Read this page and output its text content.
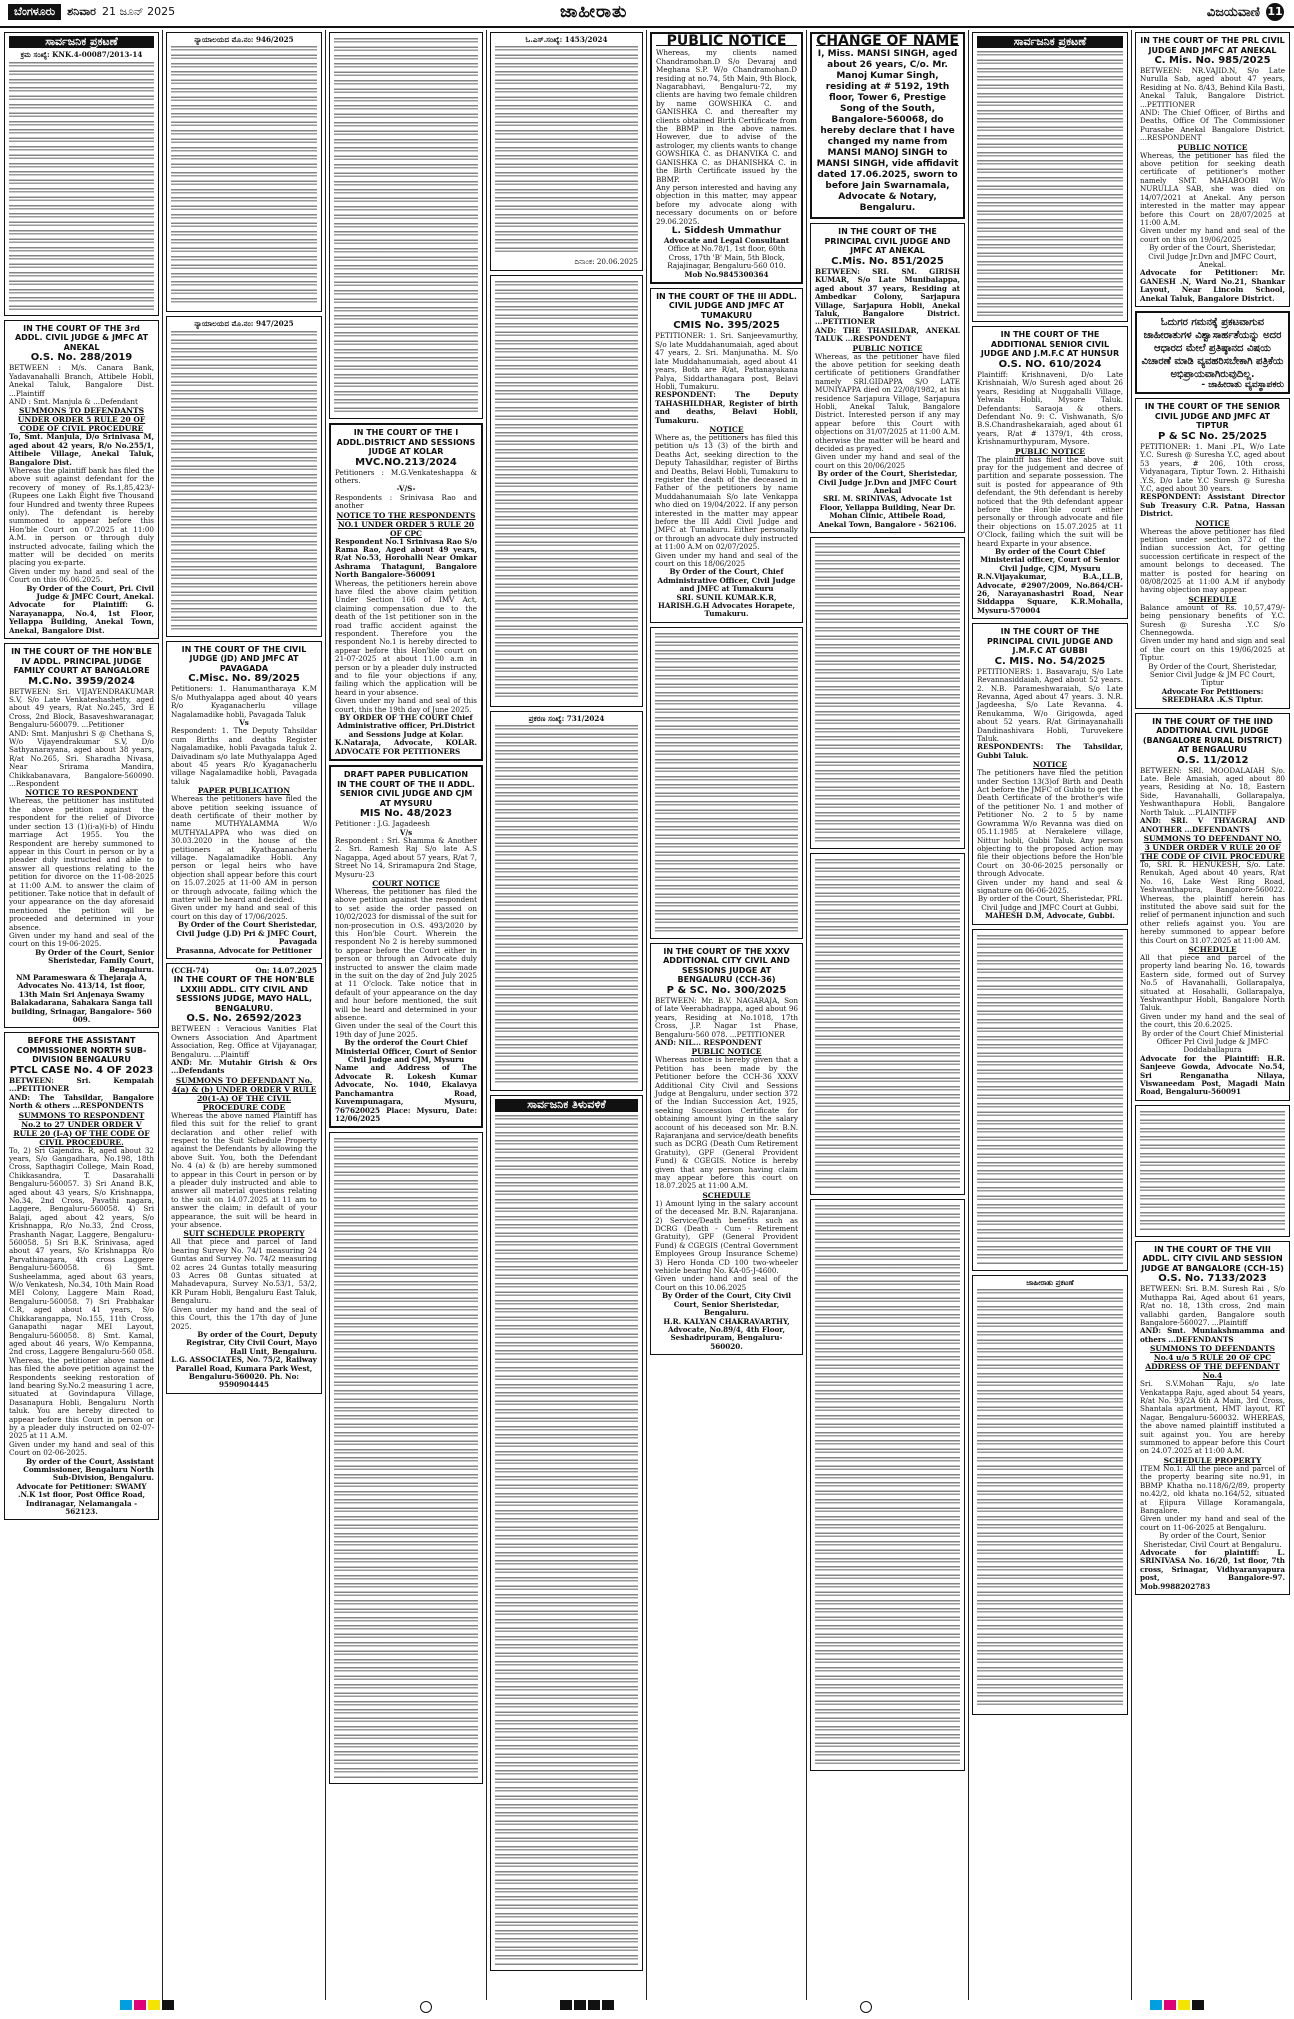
ಬೆಂಗಳೂರು	ಶನಿವಾರ 21 ಜೂನ್ 2025	ಜಾಹೀರಾತು	ವಿಜಯವಾಣಿ 11
ಸಾರ್ವಜನಿಕ ಪ್ರಕಟಣೆ
ಕ್ರಮ ಸಂಖ್ಯೆ: KNK.4-00087/2013-14
IN THE COURT OF THE 3rd ADDL. CIVIL JUDGE & JMFC AT ANEKAL
O.S. No. 288/2019
BETWEEN : M/s. Canara Bank, Yadavanahalli Branch, Attibele Hobli, Anekal Taluk, Bangalore Dist. ...Plaintiff
AND : Smt. Manjula & ...Defendant
SUMMONS TO DEFENDANTS UNDER ORDER 5 RULE 20 OF CODE OF CIVIL PROCEDURE
To, Smt. Manjula, D/o Srinivasa M, aged about 42 years, R/o No.255/1, Attibele Village, Anekal Taluk, Bangalore Dist.
Whereas the plaintiff bank has filed the above suit against defendant for the recovery of money of Rs.1,85,423/- (Rupees one Lakh Eight five Thousand four Hundred and twenty three Rupees only). The defendant is hereby summoned to appear before this Hon'ble Court on 07.2025 at 11:00 A.M. in person or through duly instructed advocate, failing which the matter will be decided on merits placing you ex-parte.
Given under my hand and seal of the Court on this 06.06.2025.
By Order of the Court, Pri. Civil Judge & JMFC Court, Anekal.
Advocate for Plaintiff: G. Narayanappa, No.4, 1st Floor, Yellappa Building, Anekal Town, Anekal, Bangalore Dist.
IN THE COURT OF THE HON'BLE IV ADDL. PRINCIPAL JUDGE FAMILY COURT AT BANGALORE
M.C.No. 3959/2024
BETWEEN: Sri. VIJAYENDRAKUMAR S.V, S/o Late Venkateshashetty, aged about 49 years, R/at No.245, 3rd E Cross, 2nd Block, Basaveshwaranagar, Bengaluru-560079. ...Petitioner
AND: Smt. Manjushri S @ Chethana S, W/o Vijayendrakumar S.V, D/o Sathyanarayana, aged about 38 years, R/at No.265, Sri. Sharadha Nivasa, Near Srirama Mandira, Chikkabanavara, Bangalore-560090. ...Respondent
NOTICE TO RESPONDENT
Whereas, the petitioner has instituted the above petition against the respondent for the relief of Divorce under section 13 (1)(i-a)(i-b) of Hindu marriage Act 1955. You the Respondent are hereby summoned to appear in this Court in person or by a pleader duly instructed and able to answer all questions relating to the petition for divorce on the 11-08-2025 at 11:00 A.M. to answer the claim of petitioner. Take notice that in default of your appearance on the day aforesaid mentioned the petition will be proceeded and determined in your absence.
Given under my hand and seal of the court on this 19-06-2025.
By Order of the Court, Senior Sheristedar, Family Court, Bengaluru.
NM Parameswara & Thejaraja A, Advocates No. 413/14, 1st floor, 13th Main Sri Anjenaya Swamy Balakadarana, Sahakara Sanga tall building, Srinagar, Bangalore- 560 009.
BEFORE THE ASSISTANT COMMISSIONER NORTH SUB-DIVISION BENGALURU
PTCL CASE No. 4 OF 2023
BETWEEN: Sri. Kempaiah ...PETITIONER
AND: The Tahsildar, Bangalore North & others ...RESPONDENTS
SUMMONS TO RESPONDENT No.2 to 27 UNDER ORDER V RULE 20 (I-A) OF THE CODE OF CIVIL PROCEDURE.
To, 2) Sri Gajendra. R, aged about 32 years, S/o Gangadhara, No.198, 18th Cross, Sapthagiri College, Main Road, Chikkasandra, T. Dasarahalli Bengaluru-560057. 3) Sri Anand B.K, aged about 43 years, S/o Krishnappa, No.34, 2nd Cross, Pavathi nagara, Laggere, Bengaluru-560058. 4) Sri Balaji, aged about 42 years, S/o Krishnappa, R/o No.33, 2nd Cross, Prashanth Nagar, Laggere, Bengaluru-560058. 5) Sri B.K. Srinivasa, aged about 47 years, S/o Krishnappa R/o Parvathinagara, 4th cross Laggere Bengaluru-560058. 6) Smt. Susheelamma, aged about 63 years, W/o Venkatesh, No.34, 10th Main Road MEI Colony, Laggere Main Road, Bengaluru-560058. 7) Sri Prabhakar C.R, aged about 41 years, S/o Chikkarangappa, No.155, 11th Cross, Ganapathi nagar MEI Layout, Bengaluru-560058. 8) Smt. Kamal, aged about 46 years, W/o Kempanna, 2nd cross, Laggere Bengaluru-560 058. Whereas, the petitioner above named has filed the above petition against the Respondents seeking restoration of land bearing Sy.No.2 measuring 1 acre, situated at Govindapura Village, Dasanapura Hobli, Bengaluru North taluk. You are hereby directed to appear before this Court in person or by a pleader duly instructed on 02-07-2025 at 11 A.M.
Given under my hand and seal of this Court on 02-06-2025.
By order of the Court, Assistant Commissioner, Bengaluru North Sub-Division, Bengaluru.
Advocate for Petitioner: SWAMY .N.K 1st floor, Post Office Road, Indiranagar, Nelamangala - 562123.
ನ್ಯಾಯಾಲಯದ ಮೊ.ನಂ: 946/2025
ನ್ಯಾಯಾಲಯದ ಮೊ.ನಂ: 947/2025
IN THE COURT OF THE CIVIL JUDGE (JD) AND JMFC AT PAVAGADA
C.Misc. No. 89/2025
Petitioners: 1. Hanumantharaya K.M S/o Muthyalappa aged about 40 years R/o Kyaganacherlu village Nagalamadike hobli, Pavagada Taluk
Vs
Respondent: 1. The Deputy Tahsildar cum Births and deaths Register Nagalamadike, hobli Pavagada taluk 2. Daivadinam s/o late Muthyalappa Aged about 45 years R/o Kyaganacherlu village Nagalamadike hobli, Pavagada taluk
PAPER PUBLICATION
Whereas the petitioners have filed the above petition seeking issuance of death certificate of their mother by name MUTHYALAMMA W/o MUTHYALAPPA who was died on 30.03.2020 in the house of the petitioners at Kyathaganacherlu village. Nagalamadike Hobli. Any person or legal heirs who have objection shall appear before this court on 15.07.2025 at 11-00 AM in person or through advocate, failing which the matter will be heard and decided.
Given under my hand and seal of this court on this day of 17/06/2025.
By Order of the Court Sheristedar, Civil Judge (J.D) Pri & JMFC Court, Pavagada
Prasanna, Advocate for Petitioner
(CCH-74)	On: 14.07.2025
IN THE COURT OF THE HON'BLE LXXIII ADDL. CITY CIVIL AND SESSIONS JUDGE, MAYO HALL, BENGALURU.
O.S. No. 26592/2023
BETWEEN : Veracious Vanities Flat Owners Association And Apartment Association, Reg. Office at Vijayanagar, Bengaluru. ...Plaintiff
AND: Mr. Mutahir Girish & Ors ...Defendants
SUMMONS TO DEFENDANT No. 4(a) & (b) UNDER ORDER V RULE 20(1-A) OF THE CIVIL PROCEDURE CODE
Whereas the above named Plaintiff has filed this suit for the relief to grant declaration and other relief with respect to the Suit Schedule Property against the Defendants by allowing the above Suit. You, both the Defendant No. 4 (a) & (b) are hereby summoned to appear in this Court in person or by a pleader duly instructed and able to answer all material questions relating to the suit on 14.07.2025 at 11 am to answer the claim; in default of your appearance, the suit will be heard in your absence.
SUIT SCHEDULE PROPERTY
All that piece and parcel of land bearing Survey No. 74/1 measuring 24 Guntas and Survey No. 74/2 measuring 02 acres 24 Guntas totally measuring 03 Acres 08 Guntas situated at Mahadevapura, Survey No.53/1, 53/2, KR Puram Hobli, Bengaluru East Taluk, Bengaluru.
Given under my hand and the seal of this Court, this the 17th day of June 2025.
By order of the Court, Deputy Registrar, City Civil Court, Mayo Hall Unit, Bengaluru.
L.G. ASSOCIATES, No. 75/2, Railway Parallel Road, Kumara Park West, Bengaluru-560020. Ph. No: 9590904445
IN THE COURT OF THE I ADDL.DISTRICT AND SESSIONS JUDGE AT KOLAR
MVC.NO.213/2024
Petitioners : M.G.Venkateshappa & others.
-V/S-
Respondents : Srinivasa Rao and another
NOTICE TO THE RESPONDENTS NO.1 UNDER ORDER 5 RULE 20 OF CPC
Respondent No.1 Srinivasa Rao S/o Rama Rao, Aged about 49 years, R/at No.53, Horohalli Near Omkar Ashrama Thataguni, Bangalore North Bangalore-560091
Whereas, the petitioners herein above have filed the above claim petition Under Section 166 of IMV Act, claiming compensation due to the death of the 1st petitioner son in the road traffic accident against the respondent. Therefore you the respondent No.1 is hereby directed to appear before this Hon'ble court on 21-07-2025 at about 11.00 a.m in person or by a pleader duly instructed and to file your objections if any, failing which the application will be heard in your absence.
Given under my hand and seal of this court, this the 19th day of June 2025.
BY ORDER OF THE COURT Chief Administrative officer, Pri.District and Sessions Judge at Kolar.
K.Nataraja, Advocate, KOLAR. ADVOCATE FOR PETITIONERS
DRAFT PAPER PUBLICATION
IN THE COURT OF THE II ADDL. SENIOR CIVIL JUDGE AND CJM AT MYSURU
MIS No. 48/2023
Petitioner : J.G. Jagadeesh
V/s
Respondent : Sri. Shamma & Another 2. Sri. Ramesh Raj S/o late A.S Nagappa, Aged about 57 years, R/at 7, Street No 14, Sriramapura 2nd Stage, Mysuru-23
COURT NOTICE
Whereas, the petitioner has filed the above petition against the respondent to set aside the order passed on 10/02/2023 for dismissal of the suit for non-prosecution in O.S. 493/2020 by this Hon'ble Court. Wherein the respondent No 2 is hereby summoned to appear before the Court either in person or through an Advocate duly instructed to answer the claim made in the suit on the day of 2nd July 2025 at 11 O'clock. Take notice that in default of your appearance on the day and hour before mentioned, the suit will be heard and determined in your absence.
Given under the seal of the Court this 19th day of June 2025.
By the orderof the Court Chief Ministerial Officer, Court of Senior Civil Judge and CJM, Mysuru
Name and Address of The Advocate R. Lokesh Kumar Advocate, No. 1040, Ekalavya Panchamantra Road, Kuvempunagara, Mysuru, 767620025 Place: Mysuru, Date: 12/06/2025
ಓ.ಎಸ್.ಸಂಖ್ಯೆ: 1453/2024
ದಿನಾಂಕ: 20.06.2025
ಪ್ರಕರಣ ಸಂಖ್ಯೆ: 731/2024
ಸಾರ್ವಜನಿಕ ತಿಳುವಳಿಕೆ
PUBLIC NOTICE
Whereas, my clients named Chandramohan.D S/o Devaraj and Meghana S.P. W/o Chandramohan.D residing at no.74, 5th Main, 9th Block, Nagarabhavi, Bengaluru-72, my clients are having two female children by name GOWSHIKA C. and GANISHKA C. and thereafter my clients obtained Birth Certificate from the BBMP in the above names. However, due to advise of the astrologer, my clients wants to change GOWSHIKA C. as DHANVIKA C. and GANISHKA C. as DHANISHKA C. in the Birth Certificate issued by the BBMP.
Any person interested and having any objection in this matter, may appear before my advocate along with necessary documents on or before 29.06.2025.
L. Siddesh Ummathur
Advocate and Legal Consultant
Office at No.78/1, 1st floor, 60th Cross, 17th 'B' Main, 5th Block, Rajajinagar, Bengaluru-560 010.
Mob No.9845300364
IN THE COURT OF THE III ADDL. CIVIL JUDGE AND JMFC AT TUMAKURU
CMIS No. 395/2025
PETITIONER: 1. Sri. Sanjeevamurthy, S/o late Muddahanumaiah, aged about 47 years, 2. Sri. Manjunatha. M. S/o late Muddahanumaiah, aged about 41 years, Both are R/at, Pattanayakana Palya, Siddarthanagara post, Belavi Hobli, Tumakuru.
RESPONDENT: The Deputy TAHASHILDHAR, Register of birth and deaths, Belavi Hobli, Tumakuru.
NOTICE
Where as, the petitioners has filed this petition u/s 13 (3) of the birth and Deaths Act, seeking direction to the Deputy Tahasildhar, register of Births and Deaths, Belavi Hobli, Tumakuru to register the death of the deceased in Father of the petitioners by name Muddahanumaiah S/o late Venkappa who died on 19/04/2022. If any person interested in the matter may appear before the III Addl Civil Judge and JMFC at Tumakuru. Either personally or through an advocate duly instructed at 11:00 A.M on 02/07/2025.
Given under my hand and seal of the court on this 18/06/2025
By Order of the Court, Chief Administrative Officer, Civil Judge and JMFC at Tumakuru
SRI. SUNIL KUMAR.K.R, HARISH.G.H Advocates Horapete, Tumakuru.
IN THE COURT OF THE XXXV ADDITIONAL CITY CIVIL AND SESSIONS JUDGE AT BENGALURU (CCH-36)
P & SC. No. 300/2025
BETWEEN: Mr. B.V. NAGARAJA, Son of late Veerabhadrappa, aged about 96 years, Residing at No.1018, 17th Cross, J.P. Nagar 1st Phase, Bengaluru-560 078. ...PETITIONER
AND: NIL... RESPONDENT
PUBLIC NOTICE
Whereas notice is hereby given that a Petition has been made by the Petitioner before the CCH-36 XXXV Additional City Civil and Sessions Judge at Bengaluru, under section 372 of the Indian Succession Act, 1925, seeking Succession Certificate for obtaining amount lying in the salary account of his deceased son Mr. B.N. Rajaranjana and service/death benefits such as DCRG (Death Cum Retirement Gratuity), GPF (General Provident Fund) & CGEGIS. Notice is hereby given that any person having claim may appear before this court on 18.07.2025 at 11:00 A.M.
SCHEDULE
1) Amount lying in the salary account of the deceased Mr. B.N. Rajaranjana. 2) Service/Death benefits such as DCRG (Death - Cum - Retirement Gratuity), GPF (General Provident Fund) & CGEGIS (Central Government Employees Group Insurance Scheme) 3) Hero Honda CD 100 two-wheeler vehicle bearing No. KA-05-J-4600.
Given under hand and seal of the Court on this 10.06.2025
By Order of the Court, City Civil Court, Senior Sheristedar, Bengaluru.
H.R. KALYAN CHAKRAVARTHY, Advocate, No.89/4, 4th Floor, Seshadripuram, Bengaluru-560020.
CHANGE OF NAME
I, Miss. MANSI SINGH, aged about 26 years, C/o. Mr. Manoj Kumar Singh, residing at # 5192, 19th floor, Tower 6, Prestige Song of the South, Bangalore-560068, do hereby declare that I have changed my name from MANSI MANOJ SINGH to MANSI SINGH, vide affidavit dated 17.06.2025, sworn to before Jain Swarnamala, Advocate & Notary, Bengaluru.
IN THE COURT OF THE PRINCIPAL CIVIL JUDGE AND JMFC AT ANEKAL
C.Mis. No. 851/2025
BETWEEN: SRI. SM. GIRISH KUMAR, S/o Late Munibalappa, aged about 37 years, Residing at Ambedkar Colony, Sarjapura Village, Sarjapura Hobli, Anekal Taluk, Bangalore District. ...PETITIONER
AND: THE THASILDAR, ANEKAL TALUK ...RESPONDENT
PUBLIC NOTICE
Whereas, as the petitioner have filed the above petition for seeking death certificate of petitioners Grandfather namely SRI.GIDAPPA S/O LATE MUNIYAPPA died on 22/08/1982, at his residence Sarjapura Village, Sarjapura Hobli, Anekal Taluk, Bangalore District. Interested person if any may appear before this Court with objections on 31/07/2025 at 11:00 A.M. otherwise the matter will be heard and decided as prayed.
Given under my hand and seal of the court on this 20/06/2025
By order of the Court, Sheristedar, Civil Judge Jr.Dvn and JMFC Court Anekal
SRI. M. SRINIVAS, Advocate 1st Floor, Yellappa Building, Near Dr. Mohan Clinic, Attibele Road, Anekal Town, Bangalore - 562106.
ಸಾರ್ವಜನಿಕ ಪ್ರಕಟಣೆ
IN THE COURT OF THE ADDITIONAL SENIOR CIVIL JUDGE AND J.M.F.C AT HUNSUR
O.S. NO. 610/2024
Plaintiff: Krishnaveni, D/o Late Krishnaiah, W/o Suresh aged about 26 years, Residing at Nuggahalli Village, Yelwala Hobli, Mysore Taluk. Defendants: Saraoja & others. Defendant No. 9: C. Vishwanath, S/o B.S.Chandrashekaraiah, aged about 61 years, R/at # 1379/1, 4th cross, Krishnamurthypuram, Mysore.
PUBLIC NOTICE
The plaintiff has filed the above suit pray for the judgement and decree of partition and separate possession. The suit is posted for appearance of 9th defendant, the 9th defendant is hereby noticed that the 9th defendant appear before the Hon'ble court either personally or through advocate and file their objections on 15.07.2025 at 11 O'Clock, failing which the suit will be heard Exparte in your absence.
By order of the Court Chief Ministerial officer, Court of Senior Civil Judge, CJM, Mysuru
R.N.Vijayakumar, B.A.,LL.B, Advocate, #2907/2009, No.864/CH-26, Narayanashastri Road, Near Siddappa Square, K.R.Mohalla, Mysuru-570004
IN THE COURT OF THE PRINCIPAL CIVIL JUDGE AND J.M.F.C AT GUBBI
C. MIS. No. 54/2025
PETITIONERS: 1. Basavaraju, S/o Late Revannasiddaiah, Aged about 52 years. 2. N.B. Parameshwaraiah, S/o Late Revanna, Aged about 47 years. 3. N.R. Jagdeesha, S/o Late Revanna. 4. Renukamma, W/o Girigowda, aged about 52 years. R/at Girinayanahalli Dandinashivara Hobli, Turuvekere Taluk.
RESPONDENTS: The Tahsildar, Gubbi Taluk.
NOTICE
The petitioners have filed the petition under Section 13(3)of Birth and Death Act before the JMFC of Gubbi to get the Death Certificate of the brother's wife of the petitioner No. 1 and mother of Petitioner No. 2 to 5 by name Gowramma W/o Revanna was died on 05.11.1985 at Nerakelere village, Nittur hobli, Gubbi Taluk. Any person objecting to the proposed action may file their objections before the Hon'ble Court on 30-06-2025 personally or through Advocate.
Given under my hand and seal & signature on 06-06-2025.
By order of the Court, Sheristedar, PRL Civil Judge and JMFC Court at Gubbi.
MAHESH D.M, Advocate, Gubbi.
ಜಾಹೀರಾತು ಪ್ರಕಟಣೆ
IN THE COURT OF THE PRL CIVIL JUDGE AND JMFC AT ANEKAL
C. Mis. No. 985/2025
BETWEEN: NR.VAJID.N, S/o Late Nurulla Sab, aged about 47 years, Residing at No. 8/43, Behind Kila Basti, Anekal Taluk, Bangalore District. ...PETITIONER
AND: The Chief Officer, of Births and Deaths, Office Of The Commissioner Purasabe Anekal Bangalore District. ...RESPONDENT
PUBLIC NOTICE
Whereas, the petitioner has filed the above petition for seeking death certificate of petitioner's mother namely SMT. MAHABOOBI W/o NURULLA SAB, she was died on 14/07/2021 at Anekal. Any person interested in the matter may appear before this Court on 28/07/2025 at 11:00 A.M.
Given under my hand and seal of the court on this on 19/06/2025
By order of the Court, Sheristedar, Civil Judge Jr.Dvn and JMFC Court, Anekal.
Advocate for Petitioner: Mr. GANESH .N, Ward No.21, Shankar Layout, Near Lincoln School, Anekal Taluk, Bangalore District.
ಓದುಗರ ಗಮನಕ್ಕೆ ಪ್ರಕಟವಾಗುವ ಜಾಹೀರಾತುಗಳ ವಿಶ್ವಾಸಾರ್ಹತೆಯನ್ನು ಅದರ ಆಧಾರದ ಮೇಲೆ ಪ್ರತಿಷ್ಠಾನದ ವಿಷಯ ವಿಚಾರಣೆ ಮಾಡಿ ವ್ಯವಹರಿಸಬೇಕಾಗಿ ಪತ್ರಿಕೆಯ ಅಭಿಪ್ರಾಯವಾಗಿರುವುದಿಲ್ಲ.
- ಜಾಹೀರಾತು ವ್ಯವಸ್ಥಾಪಕರು
IN THE COURT OF THE SENIOR CIVIL JUDGE AND JMFC AT TIPTUR
P & SC No. 25/2025
PETITIONER: 1. Mani .PL, W/o Late Y.C. Suresh @ Suresha Y.C, aged about 53 years, # 206, 10th cross, Vidyanagara, Tiptur Town. 2. Hithaishi .Y.S, D/o Late Y.C Suresh @ Suresha Y.C, aged about 30 years.
RESPONDENT: Assistant Director Sub Treasury C.R. Patna, Hassan District.
NOTICE
Whereas the above petitioner has filed petition under section 372 of the Indian succession Act, for getting succession certificate in respect of the amount belongs to deceased. The matter is posted for hearing on 08/08/2025 at 11:00 A.M if anybody having objection may appear.
SCHEDULE
Balance amount of Rs. 10,57,479/- being pensionary benefits of Y.C. Suresh @ Suresha .Y.C S/o Chennegowda.
Given under my hand and sign and seal of the court on this 19/06/2025 at Tiptur.
By Order of the Court, Sheristedar, Senior Civil Judge & JM FC Court, Tiptur
Advocate For Petitioners: SREEDHARA .K.S Tiptur.
IN THE COURT OF THE IIND ADDITIONAL CIVIL JUDGE (BANGALORE RURAL DISTRICT) AT BENGALURU
O.S. 11/2012
BETWEEN: SRI. MOODALAIAH S/o. Late. Bele Amasiah, aged about 80 years, Residing at No. 18, Eastern Side, Havanahalli, Gollarapalya, Yeshwanthapura Hobli, Bangalore North Taluk. ...PLAINTIFF
AND: SRI. V THYAGRAJ AND ANOTHER ...DEFENDANTS
SUMMONS TO DEFENDANT NO. 3 UNDER ORDER V RULE 20 OF THE CODE OF CIVIL PROCEDURE
To, SRI. R. HENUKESH, S/o. Late. Renukah, Aged about 40 years, R/at No. 16, Lake West Ring Road, Yeshwanthapura, Bangalore-560022. Whereas, the plaintiff herein has instituted the above said suit for the relief of permanent injunction and such other reliefs against you. You are hereby summoned to appear before this Court on 31.07.2025 at 11:00 AM.
SCHEDULE
All that piece and parcel of the property land bearing No. 16, towards Eastern side, formed out of Survey No.5 of Havanahalli, Gollarapalya, situated at Hosahalli, Gollarapalya, Yeshwanthpur Hobli, Bangalore North Taluk.
Given under my hand and the seal of the court, this 20.6.2025.
By order of the Court Chief Ministerial Officer Prl Civil Judge & JMFC Doddaballapura
Advocate for the Plaintiff: H.R. Sanjeeve Gowda, Advocate No.54, Sri Renganatha Nilaya, Viswaneedam Post, Magadi Main Road, Bengaluru-560091
IN THE COURT OF THE VIII ADDL. CITY CIVIL AND SESSION JUDGE AT BANGALORE (CCH-15)
O.S. No. 7133/2023
BETWEEN: Sri. B.M. Suresh Rai , S/o Muthappa Rai, Aged about 61 years, R/at no. 18, 13th cross, 2nd main vallabhi garden, Bangalore south Bangalore-560027. ...Plaintiff
AND: Smt. Muniakshmamma and others ...DEFENDANTS
SUMMONS TO DEFENDANTS No.4 u/o 5 RULE 20 OF CPC ADDRESS OF THE DEFENDANT No.4
Sri. S.V.Mohan Raju, s/o late Venkatappa Raju, aged about 54 years, R/at No. 93/2A 6th A Main, 3rd Cross, Shantala apartment, HMT layout, RT Nagar, Bengaluru-560032. WHEREAS, the above named plaintiff instituted a suit against you. You are hereby summoned to appear before this Court on 24.07.2025 at 11:00 A.M.
SCHEDULE PROPERTY
ITEM No.1: All the piece and parcel of the property bearing site no.91, in BBMP Khatha no.118/6/2/89, property no.42/2, old khata no.164/52, situated at Ejipura Village Koramangala, Bangalore.
Given under my hand and seal of the court on 11-06-2025 at Bengaluru.
By order of the Court, Senior Sheristedar, Civil Court at Bengaluru.
Advocate for plaintiff: L. SRINIVASA No. 16/20, 1st floor, 7th cross, Srinagar, Vidhyaranyapura post, Bangalore-97. Mob.9988202783
